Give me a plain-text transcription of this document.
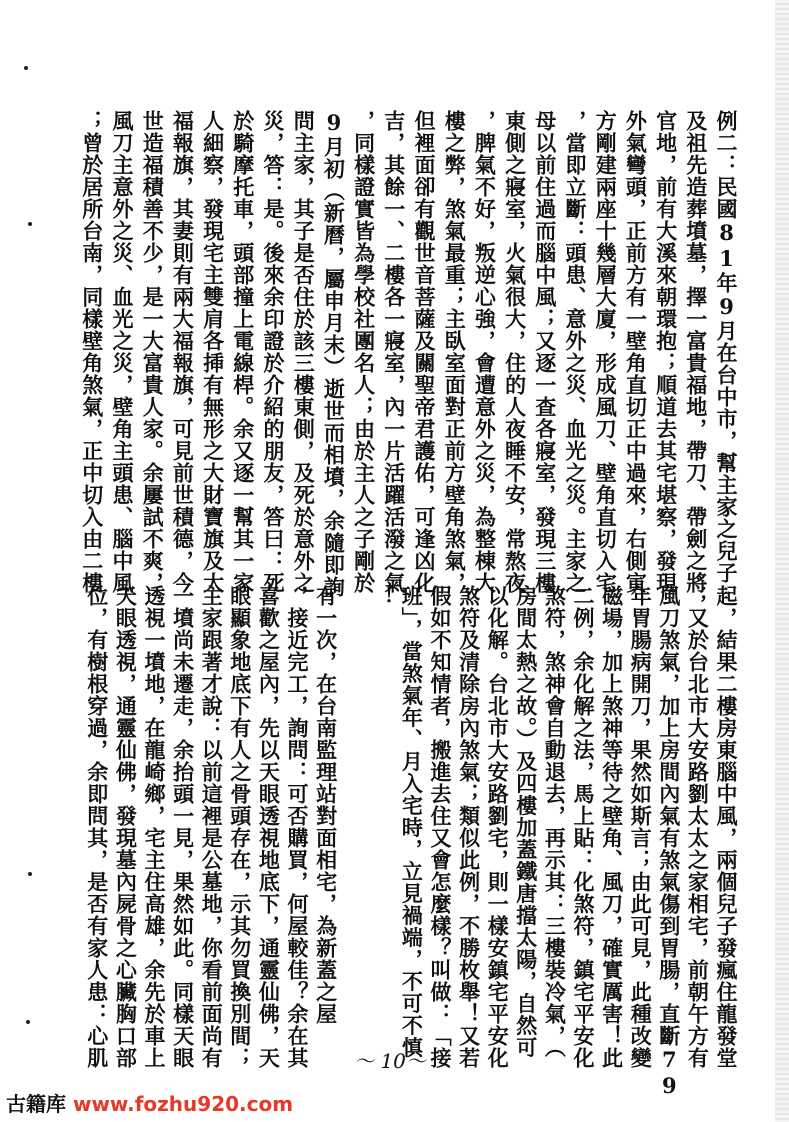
例二：民國81年9月在台中市，幫主家之兒子
及祖先造葬墳墓，擇一富貴福地，帶刀、帶劍之將
官地，前有大溪來朝環抱；順道去其宅堪察，發現
外氣彎頭，正前方有一壁角直切正中過來，右側寅
方剛建兩座十幾層大廈，形成風刀、壁角直切入宅
，當即立斷：頭患、意外之災、血光之災。主家之
母以前住過而腦中風；又逐一查各寢室，發現三樓
東側之寢室，火氣很大，住的人夜睡不安，常熬夜
，脾氣不好，叛逆心強，會遭意外之災，為整棟大
樓之弊，煞氣最重；主臥室面對正前方壁角煞氣，
但裡面卻有觀世音菩薩及關聖帝君護佑，可逢凶化
吉，其餘一、二樓各一寢室，內一片活躍活潑之氣
，同樣證實皆為學校社團名人；由於主人之子剛於
9月初（新曆，屬申月末）逝世而相墳，余隨即詢
問主家，其子是否住於該三樓東側，及死於意外之
災，答：是。後來余印證於介紹的朋友，答曰：死
於騎摩托車，頭部撞上電線桿。余又逐一幫其一家
人細察，發現宅主雙肩各揷有無形之大財寶旗及大
福報旗，其妻則有兩大福報旗，可見前世積德，今
世造福積善不少，是一大富貴人家。余屢試不爽，
風刀主意外之災、血光之災，壁角主頭患、腦中風
；曾於居所台南，同樣壁角煞氣，正中切入由二樓
起，結果二樓房東腦中風，兩個兒子發瘋住龍發堂
；又於台北市大安路劉太太之家相宅，前朝午方有
風刀煞氣，加上房間內氣有煞氣傷到胃腸，直斷79
年胃腸病開刀，果然如斯言；由此可見，此種改變
磁場，加上煞神等待之壁角、風刀，確實厲害！此
二例，余化解之法，馬上貼：化煞符，鎮宅平安化
煞符，煞神會自動退去，再示其：三樓裝冷氣，（
房間太熱之故。）及四樓加蓋鐵唐擋太陽，自然可
以化解。台北市大安路劉宅，則一樣安鎮宅平安化
煞符及清除房內煞氣；類似此例，不勝枚舉！又若
假如不知情者，搬進去住又會怎麼樣？叫做：「接
班」，當煞氣年、月入宅時，立見禍端，不可不慎
！
有一次，在台南監理站對面相宅，為新蓋之屋
，接近完工，詢問：可否購買，何屋較佳？余在其
喜歡之屋內，先以天眼透視地底下，通靈仙佛，天
眼顯象地底下有人之骨頭存在，示其勿買換別間；
主家跟著才說：以前這裡是公墓地，你看前面尚有
一墳尚未遷走，余抬頭一見，果然如此。同樣天眼
透視一墳地，在龍崎鄉，宅主住高雄，余先於車上
天眼透視，通靈仙佛，發現墓內屍骨之心臟胸口部
位，有樹根穿過，余即問其，是否有家人患：心肌	～ 10～
古籍库 www.fozhu920.com
